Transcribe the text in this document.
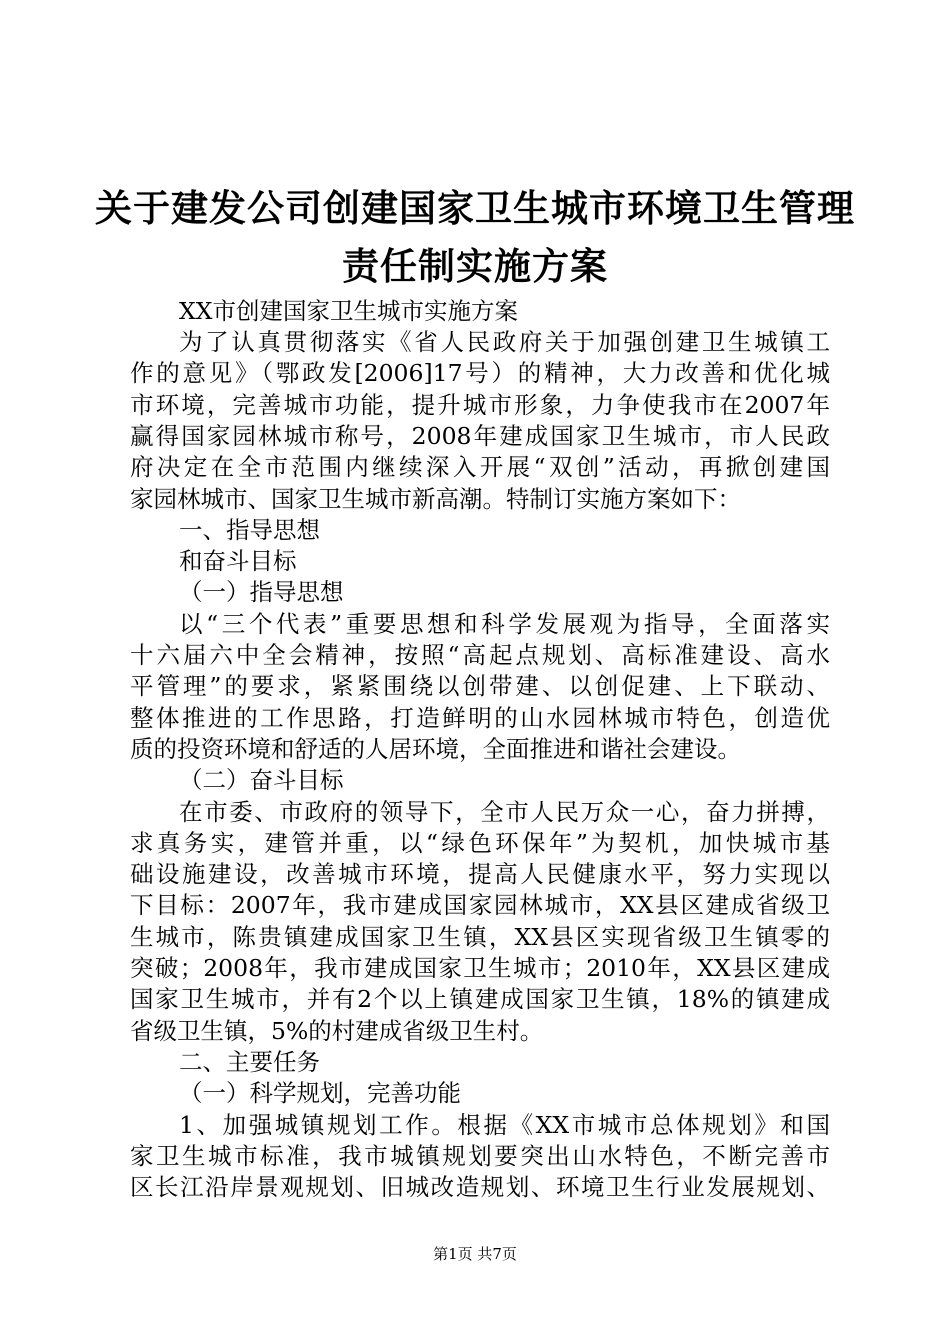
关于建发公司创建国家卫生城市环境卫生管理
责任制实施方案
XX市创建国家卫生城市实施方案
为了认真贯彻落实《省人民政府关于加强创建卫生城镇工
作的意见》（鄂政发[2006]17号）的精神，大力改善和优化城
市环境，完善城市功能，提升城市形象，力争使我市在2007年
赢得国家园林城市称号，2008年建成国家卫生城市，市人民政
府决定在全市范围内继续深入开展“双创”活动，再掀创建国
家园林城市、国家卫生城市新高潮。特制订实施方案如下：
一、指导思想
和奋斗目标
（一）指导思想
以“三个代表”重要思想和科学发展观为指导，全面落实
十六届六中全会精神，按照“高起点规划、高标准建设、高水
平管理”的要求，紧紧围绕以创带建、以创促建、上下联动、
整体推进的工作思路，打造鲜明的山水园林城市特色，创造优
质的投资环境和舒适的人居环境，全面推进和谐社会建设。
（二）奋斗目标
在市委、市政府的领导下，全市人民万众一心，奋力拼搏，
求真务实，建管并重，以“绿色环保年”为契机，加快城市基
础设施建设，改善城市环境，提高人民健康水平，努力实现以
下目标：2007年，我市建成国家园林城市，XX县区建成省级卫
生城市，陈贵镇建成国家卫生镇，XX县区实现省级卫生镇零的
突破；2008年，我市建成国家卫生城市；2010年，XX县区建成
国家卫生城市，并有2个以上镇建成国家卫生镇，18%的镇建成
省级卫生镇，5%的村建成省级卫生村。
二、主要任务
（一）科学规划，完善功能
1、加强城镇规划工作。根据《XX市城市总体规划》和国
家卫生城市标准，我市城镇规划要突出山水特色，不断完善市
区长江沿岸景观规划、旧城改造规划、环境卫生行业发展规划、
第1页 共7页
